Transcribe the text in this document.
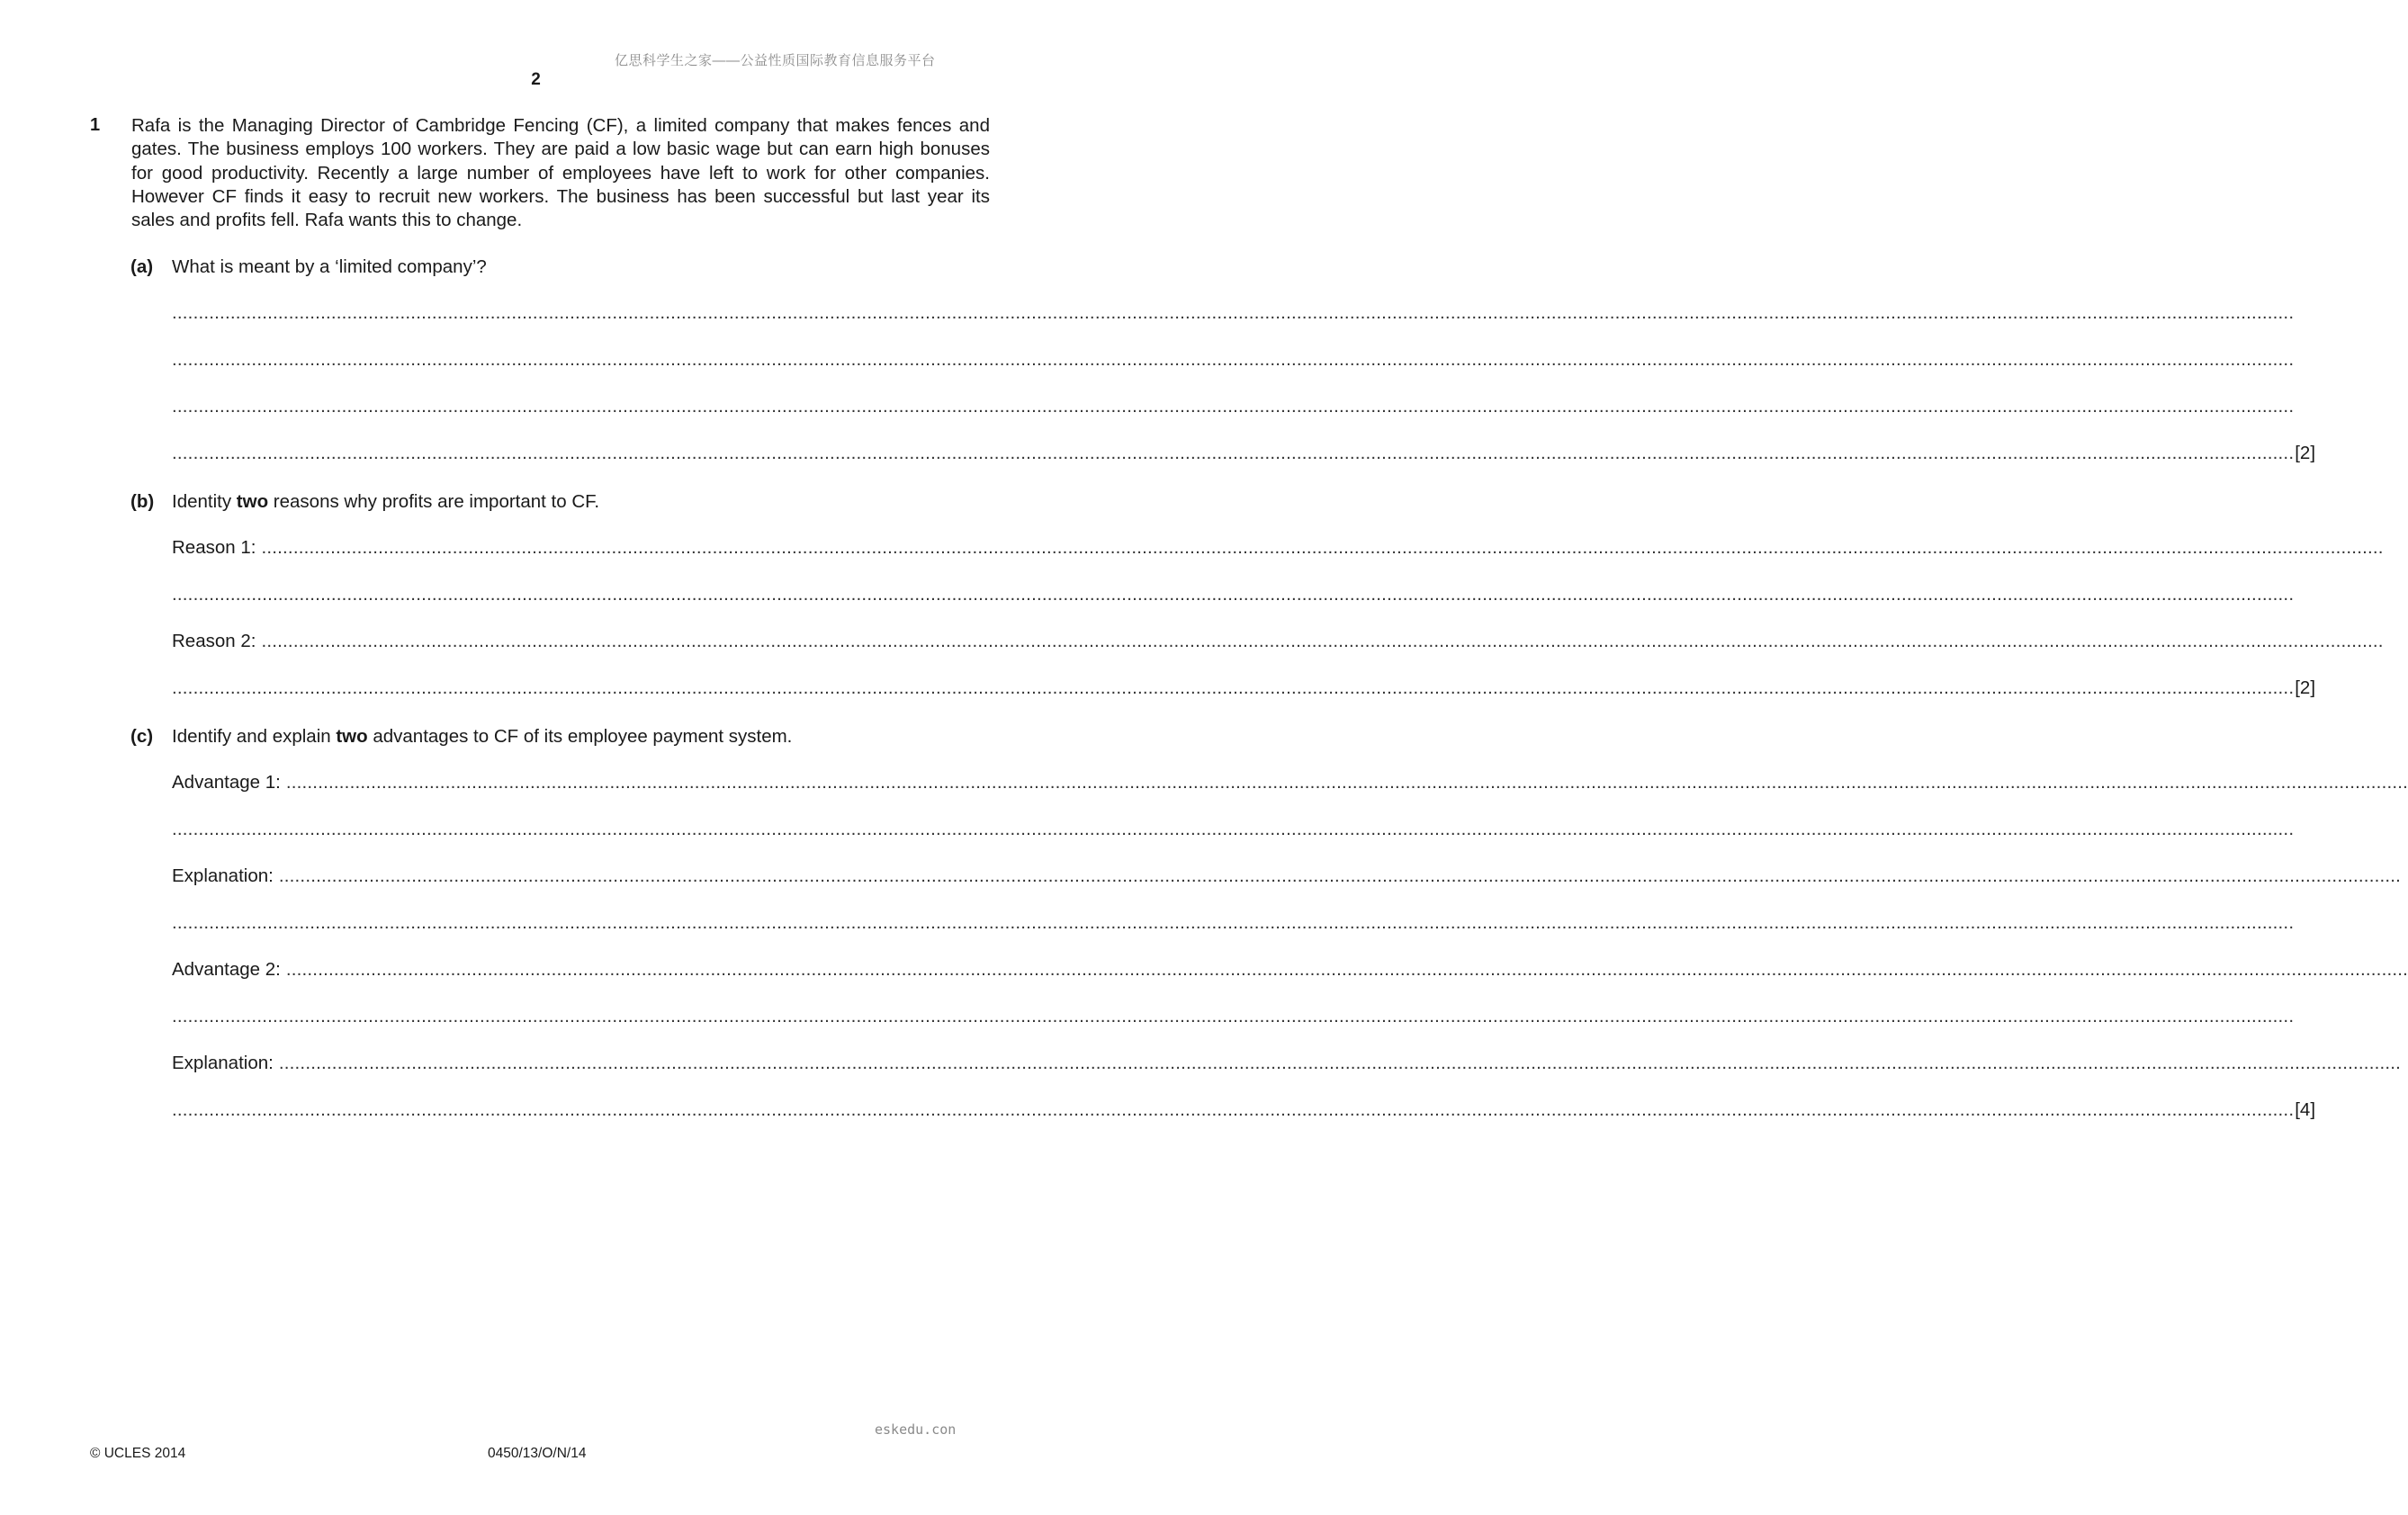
亿思科学生之家——公益性质国际教育信息服务平台
2
1 Rafa is the Managing Director of Cambridge Fencing (CF), a limited company that makes fences and gates. The business employs 100 workers. They are paid a low basic wage but can earn high bonuses for good productivity. Recently a large number of employees have left to work for other companies. However CF finds it easy to recruit new workers. The business has been successful but last year its sales and profits fell. Rafa wants this to change.
(a) What is meant by a ‘limited company’?
................................................................................................................................................................................................................................................................................................................................................................................................................
................................................................................................................................................................................................................................................................................................................................................................................................................
................................................................................................................................................................................................................................................................................................................................................................................................................
................................................................................................................................................................................................................................................................................................................................................................................................................ [2]
(b) Identity two reasons why profits are important to CF.
Reason 1: ................................................................................................................................................................................................................................................................................................................................................................................................................
................................................................................................................................................................................................................................................................................................................................................................................................................
Reason 2: ................................................................................................................................................................................................................................................................................................................................................................................................................
................................................................................................................................................................................................................................................................................................................................................................................................................ [2]
(c) Identify and explain two advantages to CF of its employee payment system.
Advantage 1: ................................................................................................................................................................................................................................................................................................................................................................................................................
................................................................................................................................................................................................................................................................................................................................................................................................................
Explanation: ................................................................................................................................................................................................................................................................................................................................................................................................................
................................................................................................................................................................................................................................................................................................................................................................................................................
Advantage 2: ................................................................................................................................................................................................................................................................................................................................................................................................................
................................................................................................................................................................................................................................................................................................................................................................................................................
Explanation: ................................................................................................................................................................................................................................................................................................................................................................................................................
................................................................................................................................................................................................................................................................................................................................................................................................................ [4]
eskedu.con
© UCLES 2014	0450/13/O/N/14
